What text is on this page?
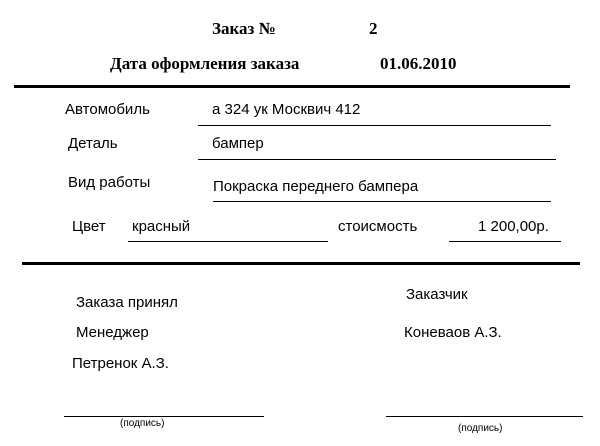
Заказ №	2
Дата оформления заказа	01.06.2010
Автомобиль	а 324 ук Москвич 412
Деталь	бампер
Вид работы	Покраска переднего бампера
Цвет красный	стоисмость	1 200,00р.
Заказа принял
Менеджер
Петренок А.З.
(подпись)
Заказчик
Коневаов А.З.
(подпись)
